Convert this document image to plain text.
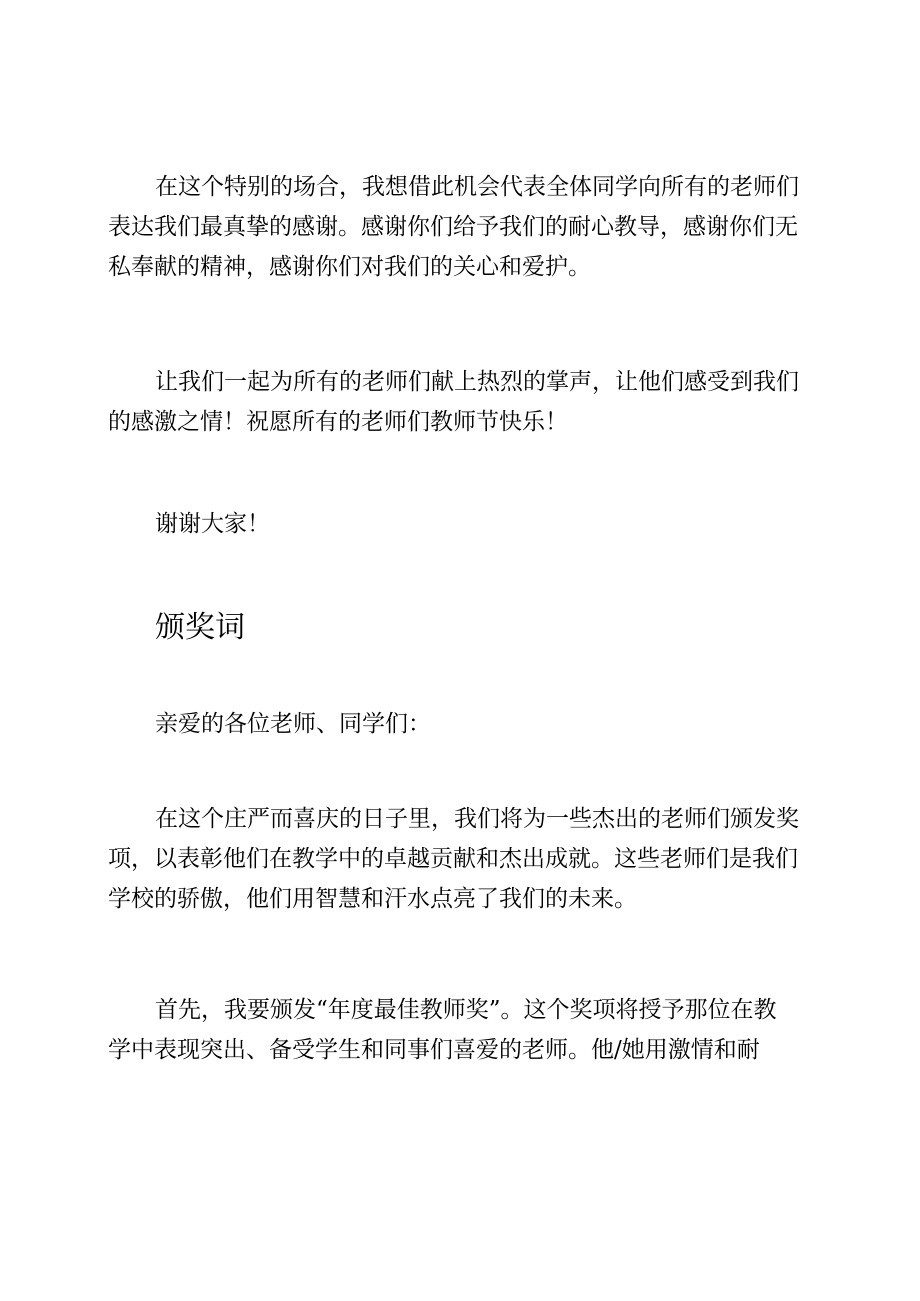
在这个特别的场合，我想借此机会代表全体同学向所有的老师们
表达我们最真挚的感谢。感谢你们给予我们的耐心教导，感谢你们无
私奉献的精神，感谢你们对我们的关心和爱护。
让我们一起为所有的老师们献上热烈的掌声，让他们感受到我们
的感激之情！祝愿所有的老师们教师节快乐！
谢谢大家！
颁奖词
亲爱的各位老师、同学们：
在这个庄严而喜庆的日子里，我们将为一些杰出的老师们颁发奖
项，以表彰他们在教学中的卓越贡献和杰出成就。这些老师们是我们
学校的骄傲，他们用智慧和汗水点亮了我们的未来。
首先，我要颁发“年度最佳教师奖”。这个奖项将授予那位在教
学中表现突出、备受学生和同事们喜爱的老师。他/她用激情和耐
